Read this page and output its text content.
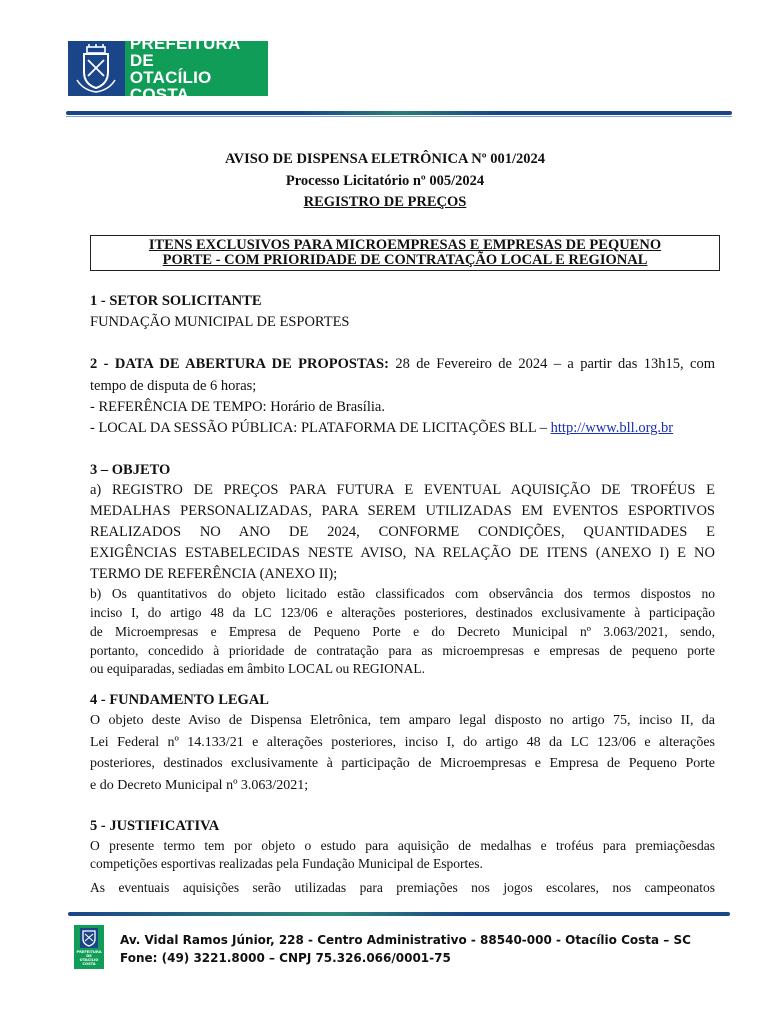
PREFEITURA DE
OTACÍLIO COSTA
AVISO DE DISPENSA ELETRÔNICA Nº 001/2024
Processo Licitatório nº 005/2024
REGISTRO DE PREÇOS
ITENS EXCLUSIVOS PARA MICROEMPRESAS E EMPRESAS DE PEQUENO
PORTE - COM PRIORIDADE DE CONTRATAÇÃO LOCAL E REGIONAL
1 - SETOR SOLICITANTE
FUNDAÇÃO MUNICIPAL DE ESPORTES
2 - DATA DE ABERTURA DE PROPOSTAS: 28 de Fevereiro de 2024 – a partir das 13h15, com
tempo de disputa de 6 horas;
- REFERÊNCIA DE TEMPO: Horário de Brasília.
- LOCAL DA SESSÃO PÚBLICA: PLATAFORMA DE LICITAÇÕES BLL – http://www.bll.org.br
3 – OBJETO
a) REGISTRO DE PREÇOS PARA FUTURA E EVENTUAL AQUISIÇÃO DE TROFÉUS E
MEDALHAS PERSONALIZADAS, PARA SEREM UTILIZADAS EM EVENTOS ESPORTIVOS
REALIZADOS NO ANO DE 2024, CONFORME CONDIÇÕES, QUANTIDADES E
EXIGÊNCIAS ESTABELECIDAS NESTE AVISO, NA RELAÇÃO DE ITENS (ANEXO I) E NO
TERMO DE REFERÊNCIA (ANEXO II);
b) Os quantitativos do objeto licitado estão classificados com observância dos termos dispostos no
inciso I, do artigo 48 da LC 123/06 e alterações posteriores, destinados exclusivamente à participação
de Microempresas e Empresa de Pequeno Porte e do Decreto Municipal nº 3.063/2021, sendo,
portanto, concedido à prioridade de contratação para as microempresas e empresas de pequeno porte
ou equiparadas, sediadas em âmbito LOCAL ou REGIONAL.
4 - FUNDAMENTO LEGAL
O objeto deste Aviso de Dispensa Eletrônica, tem amparo legal disposto no artigo 75, inciso II, da
Lei Federal nº 14.133/21 e alterações posteriores, inciso I, do artigo 48 da LC 123/06 e alterações
posteriores, destinados exclusivamente à participação de Microempresas e Empresa de Pequeno Porte
e do Decreto Municipal nº 3.063/2021;
5 - JUSTIFICATIVA
O presente termo tem por objeto o estudo para aquisição de medalhas e troféus para premiaçõesdas
competições esportivas realizadas pela Fundação Municipal de Esportes.
As eventuais aquisições serão utilizadas para premiações nos jogos escolares, nos campeonatos
PREFEITURA DE
OTACÍLIO
COSTA
Av. Vidal Ramos Júnior, 228 - Centro Administrativo - 88540-000 - Otacílio Costa – SC
Fone: (49) 3221.8000 – CNPJ 75.326.066/0001-75
